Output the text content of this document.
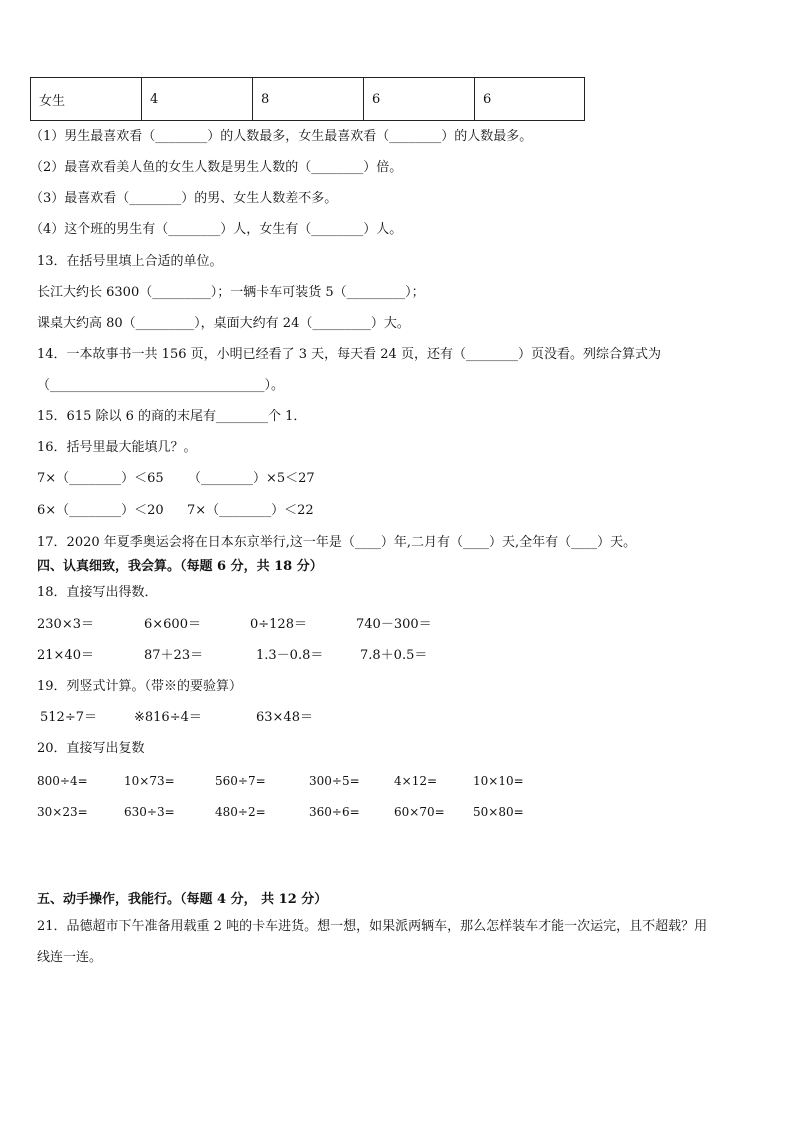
女生	4	8	6	6
（1）男生最喜欢看（________）的人数最多，女生最喜欢看（________）的人数最多。
（2）最喜欢看美人鱼的女生人数是男生人数的（________）倍。
（3）最喜欢看（________）的男、女生人数差不多。
（4）这个班的男生有（________）人，女生有（________）人。
13．在括号里填上合适的单位。
长江大约长 6300（_________）；一辆卡车可装货 5（_________）；
课桌大约高 80（_________），桌面大约有 24（_________）大。
14．一本故事书一共 156 页，小明已经看了 3 天，每天看 24 页，还有（________）页没看。列综合算式为
（_________________________________）。
15．615 除以 6 的商的末尾有________个 1．
16．括号里最大能填几？。
7×（________）＜65 （________）×5＜27
6×（________）＜20 7×（________）＜22
17．2020 年夏季奥运会将在日本东京举行,这一年是（____）年,二月有（____）天,全年有（____）天。
四、认真细致，我会算。（每题 6 分，共 18 分）
18．直接写出得数．
230×3＝	6×600＝	0÷128＝	740－300＝
21×40＝	87＋23＝	1.3－0.8＝	7.8＋0.5＝
19．列竖式计算。（带※的要验算）
512÷7＝	※816÷4＝	63×48＝
20．直接写出复数
800÷4=	10×73=	560÷7=	300÷5=	4×12=	10×10=
30×23=	630÷3=	480÷2=	360÷6=	60×70= 50×80=
五、动手操作，我能行。（每题 4 分， 共 12 分）
21．品德超市下午准备用载重 2 吨的卡车进货。想一想，如果派两辆车，那么怎样装车才能一次运完，且不超载？用
线连一连。
